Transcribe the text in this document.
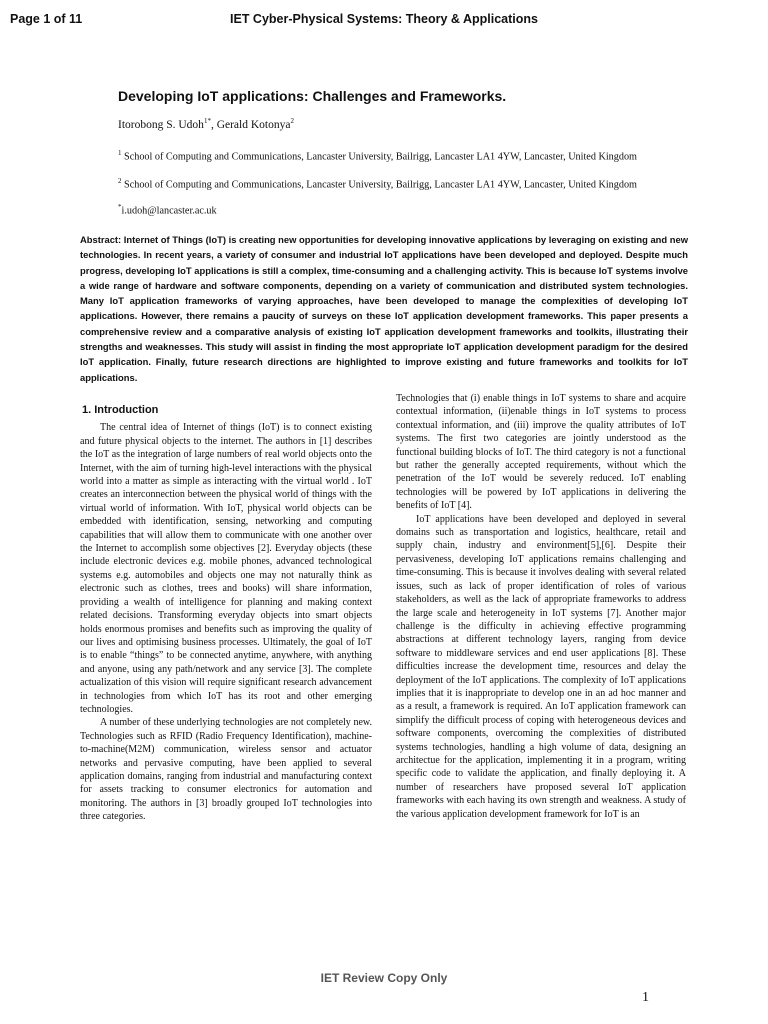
Page 1 of 11	IET Cyber-Physical Systems: Theory & Applications
Developing IoT applications: Challenges and Frameworks.
Itorobong S. Udoh$^{1*}$, Gerald Kotonya$^2$
$^1$ School of Computing and Communications, Lancaster University, Bailrigg, Lancaster LA1 4YW, Lancaster, United Kingdom
$^2$ School of Computing and Communications, Lancaster University, Bailrigg, Lancaster LA1 4YW, Lancaster, United Kingdom
*i.udoh@lancaster.ac.uk

Abstract: Internet of Things (IoT) is creating new opportunities for developing innovative applications by leveraging on existing and new technologies. In recent years, a variety of consumer and industrial IoT applications have been developed and deployed. Despite much progress, developing IoT applications is still a complex, time-consuming and a challenging activity. This is because IoT systems involve a wide range of hardware and software components, depending on a variety of communication and distributed system technologies. Many IoT application frameworks of varying approaches, have been developed to manage the complexities of developing IoT applications. However, there remains a paucity of surveys on these IoT application development frameworks. This paper presents a comprehensive review and a comparative analysis of existing IoT application development frameworks and toolkits, illustrating their strengths and weaknesses. This study will assist in finding the most appropriate IoT application development paradigm for the desired IoT application. Finally, future research directions are highlighted to improve existing and future frameworks and toolkits for IoT applications.

1. Introduction

The central idea of Internet of things (IoT) is to connect existing and future physical objects to the internet. The authors in [1] describes the IoT as the integration of large numbers of real world objects onto the Internet, with the aim of turning high-level interactions with the physical world into a matter as simple as interacting with the virtual world . IoT creates an interconnection between the physical world of things with the virtual world of information. With IoT, physical world objects can be embedded with identification, sensing, networking and computing capabilities that will allow them to communicate with one another over the Internet to accomplish some objectives [2]. Everyday objects (these include electronic devices e.g. mobile phones, advanced technological systems e.g. automobiles and objects one may not naturally think as electronic such as clothes, trees and books) will share information, providing a wealth of intelligence for planning and making context related decisions. Transforming everyday objects into smart objects holds enormous promises and benefits such as improving the quality of our lives and optimising business processes. Ultimately, the goal of IoT is to enable “things” to be connected anytime, anywhere, with anything and anyone, using any path/network and any service [3]. The complete actualization of this vision will require significant research advancement in technologies from which IoT has its root and other emerging technologies.

A number of these underlying technologies are not completely new. Technologies such as RFID (Radio Frequency Identification), machine-to-machine(M2M) communication, wireless sensor and actuator networks and pervasive computing, have been applied to several application domains, ranging from industrial and manufacturing context for assets tracking to consumer electronics for automation and monitoring. The authors in [3] broadly grouped IoT technologies into three categories.

Technologies that (i) enable things in IoT systems to share and acquire contextual information, (ii)enable things in IoT systems to process contextual information, and (iii) improve the quality attributes of IoT systems. The first two categories are jointly understood as the functional building blocks of IoT. The third category is not a functional but rather the generally accepted requirements, without which the penetration of the IoT would be severely reduced. IoT enabling technologies will be powered by IoT applications in delivering the benefits of IoT [4].

IoT applications have been developed and deployed in several domains such as transportation and logistics, healthcare, retail and supply chain, industry and environment[5],[6]. Despite their pervasiveness, developing IoT applications remains challenging and time-consuming. This is because it involves dealing with several related issues, such as lack of proper identification of roles of various stakeholders, as well as the lack of appropriate frameworks to address the large scale and heterogeneity in IoT systems [7]. Another major challenge is the difficulty in achieving effective programming abstractions at different technology layers, ranging from device software to middleware services and end user applications [8]. These difficulties increase the development time, resources and delay the deployment of the IoT applications. The complexity of IoT applications implies that it is inappropriate to develop one in an ad hoc manner and as a result, a framework is required. An IoT application framework can simplify the difficult process of coping with heterogeneous devices and software components, overcoming the complexities of distributed systems technologies, handling a high volume of data, designing an architectue for the application, implementing it in a program, writing specific code to validate the application, and finally deploying it. A number of researchers have proposed several IoT application frameworks with each having its own strength and weakness. A study of the various application development framework for IoT is an

IET Review Copy Only
1
